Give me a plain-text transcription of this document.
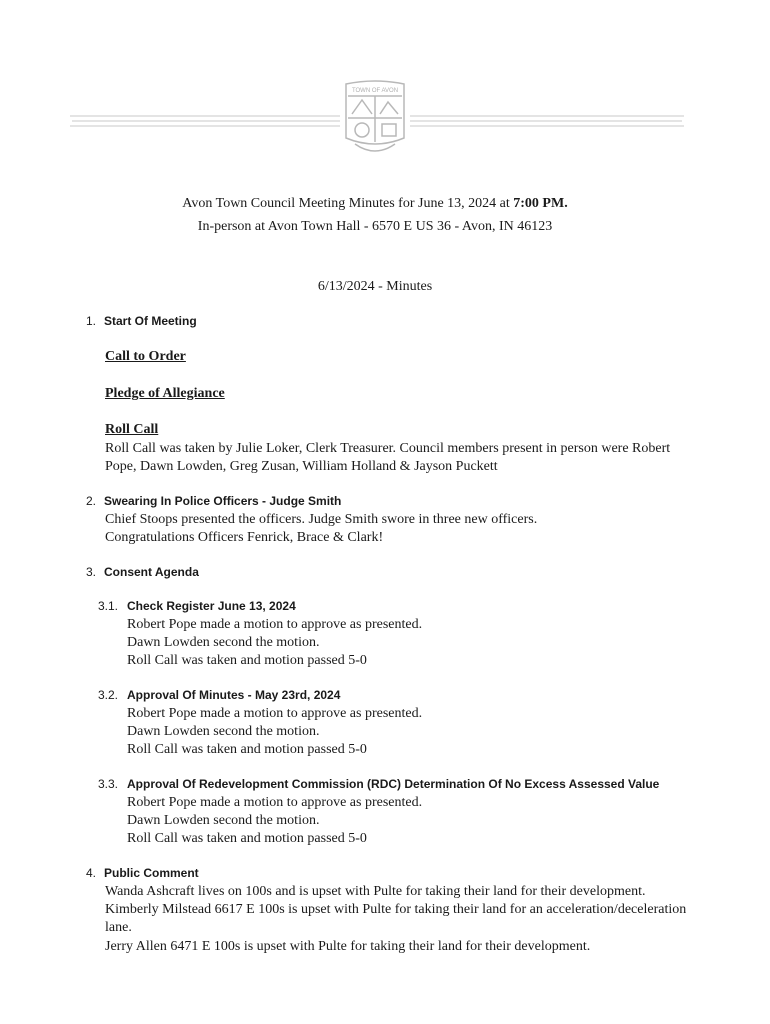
TOWN OF AVON
Avon Town Council Meeting Minutes for June 13, 2024 at 7:00 PM.
In-person at Avon Town Hall - 6570 E US 36 - Avon, IN 46123
6/13/2024 - Minutes
1. Start Of Meeting
Call to Order
Pledge of Allegiance
Roll Call
Roll Call was taken by Julie Loker, Clerk Treasurer. Council members present in person were Robert
Pope, Dawn Lowden, Greg Zusan, William Holland & Jayson Puckett
2. Swearing In Police Officers - Judge Smith
Chief Stoops presented the officers. Judge Smith swore in three new officers.
Congratulations Officers Fenrick, Brace & Clark!
3. Consent Agenda
3.1. Check Register June 13, 2024
Robert Pope made a motion to approve as presented.
Dawn Lowden second the motion.
Roll Call was taken and motion passed 5-0
3.2. Approval Of Minutes - May 23rd, 2024
Robert Pope made a motion to approve as presented.
Dawn Lowden second the motion.
Roll Call was taken and motion passed 5-0
3.3. Approval Of Redevelopment Commission (RDC) Determination Of No Excess Assessed Value
Robert Pope made a motion to approve as presented.
Dawn Lowden second the motion.
Roll Call was taken and motion passed 5-0
4. Public Comment
Wanda Ashcraft lives on 100s and is upset with Pulte for taking their land for their development.
Kimberly Milstead 6617 E 100s is upset with Pulte for taking their land for an acceleration/deceleration
lane.
Jerry Allen 6471 E 100s is upset with Pulte for taking their land for their development.
